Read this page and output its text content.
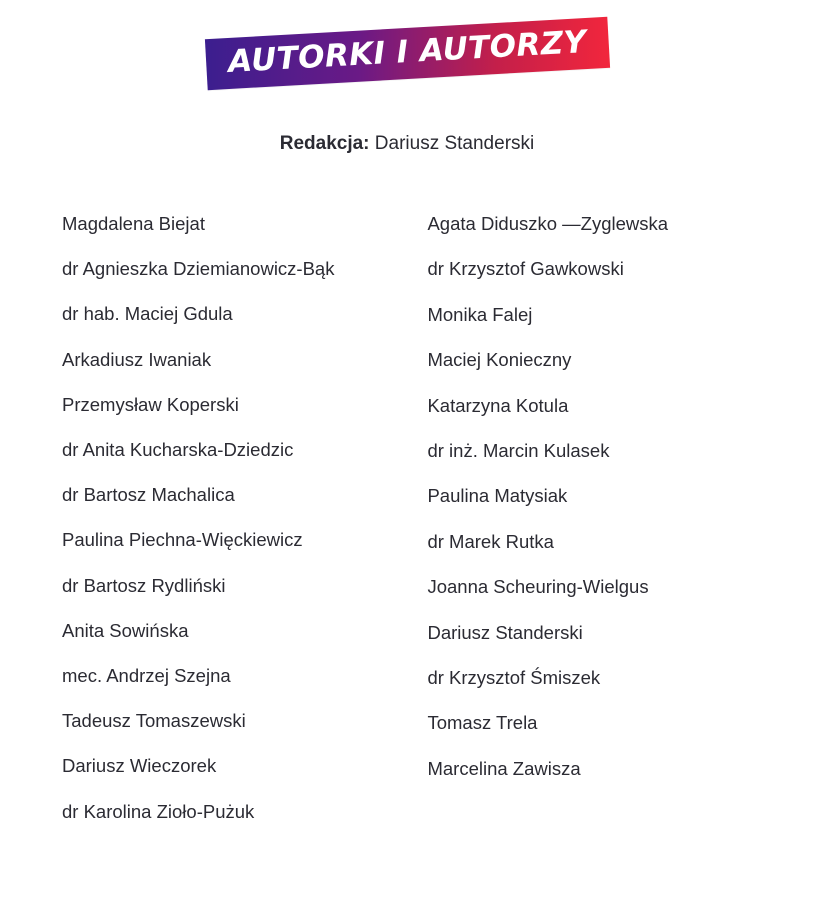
AUTORKI I AUTORZY
Redakcja: Dariusz Standerski
Magdalena Biejat
dr Agnieszka Dziemianowicz-Bąk
dr hab. Maciej Gdula
Arkadiusz Iwaniak
Przemysław Koperski
dr Anita Kucharska-Dziedzic
dr Bartosz Machalica
Paulina Piechna-Więckiewicz
dr Bartosz Rydliński
Anita Sowińska
mec. Andrzej Szejna
Tadeusz Tomaszewski
Dariusz Wieczorek
dr Karolina Zioło-Pużuk
Agata Diduszko —Zyglewska
dr Krzysztof Gawkowski
Monika Falej
Maciej Konieczny
Katarzyna Kotula
dr inż. Marcin Kulasek
Paulina Matysiak
dr Marek Rutka
Joanna Scheuring-Wielgus
Dariusz Standerski
dr Krzysztof Śmiszek
Tomasz Trela
Marcelina Zawisza
